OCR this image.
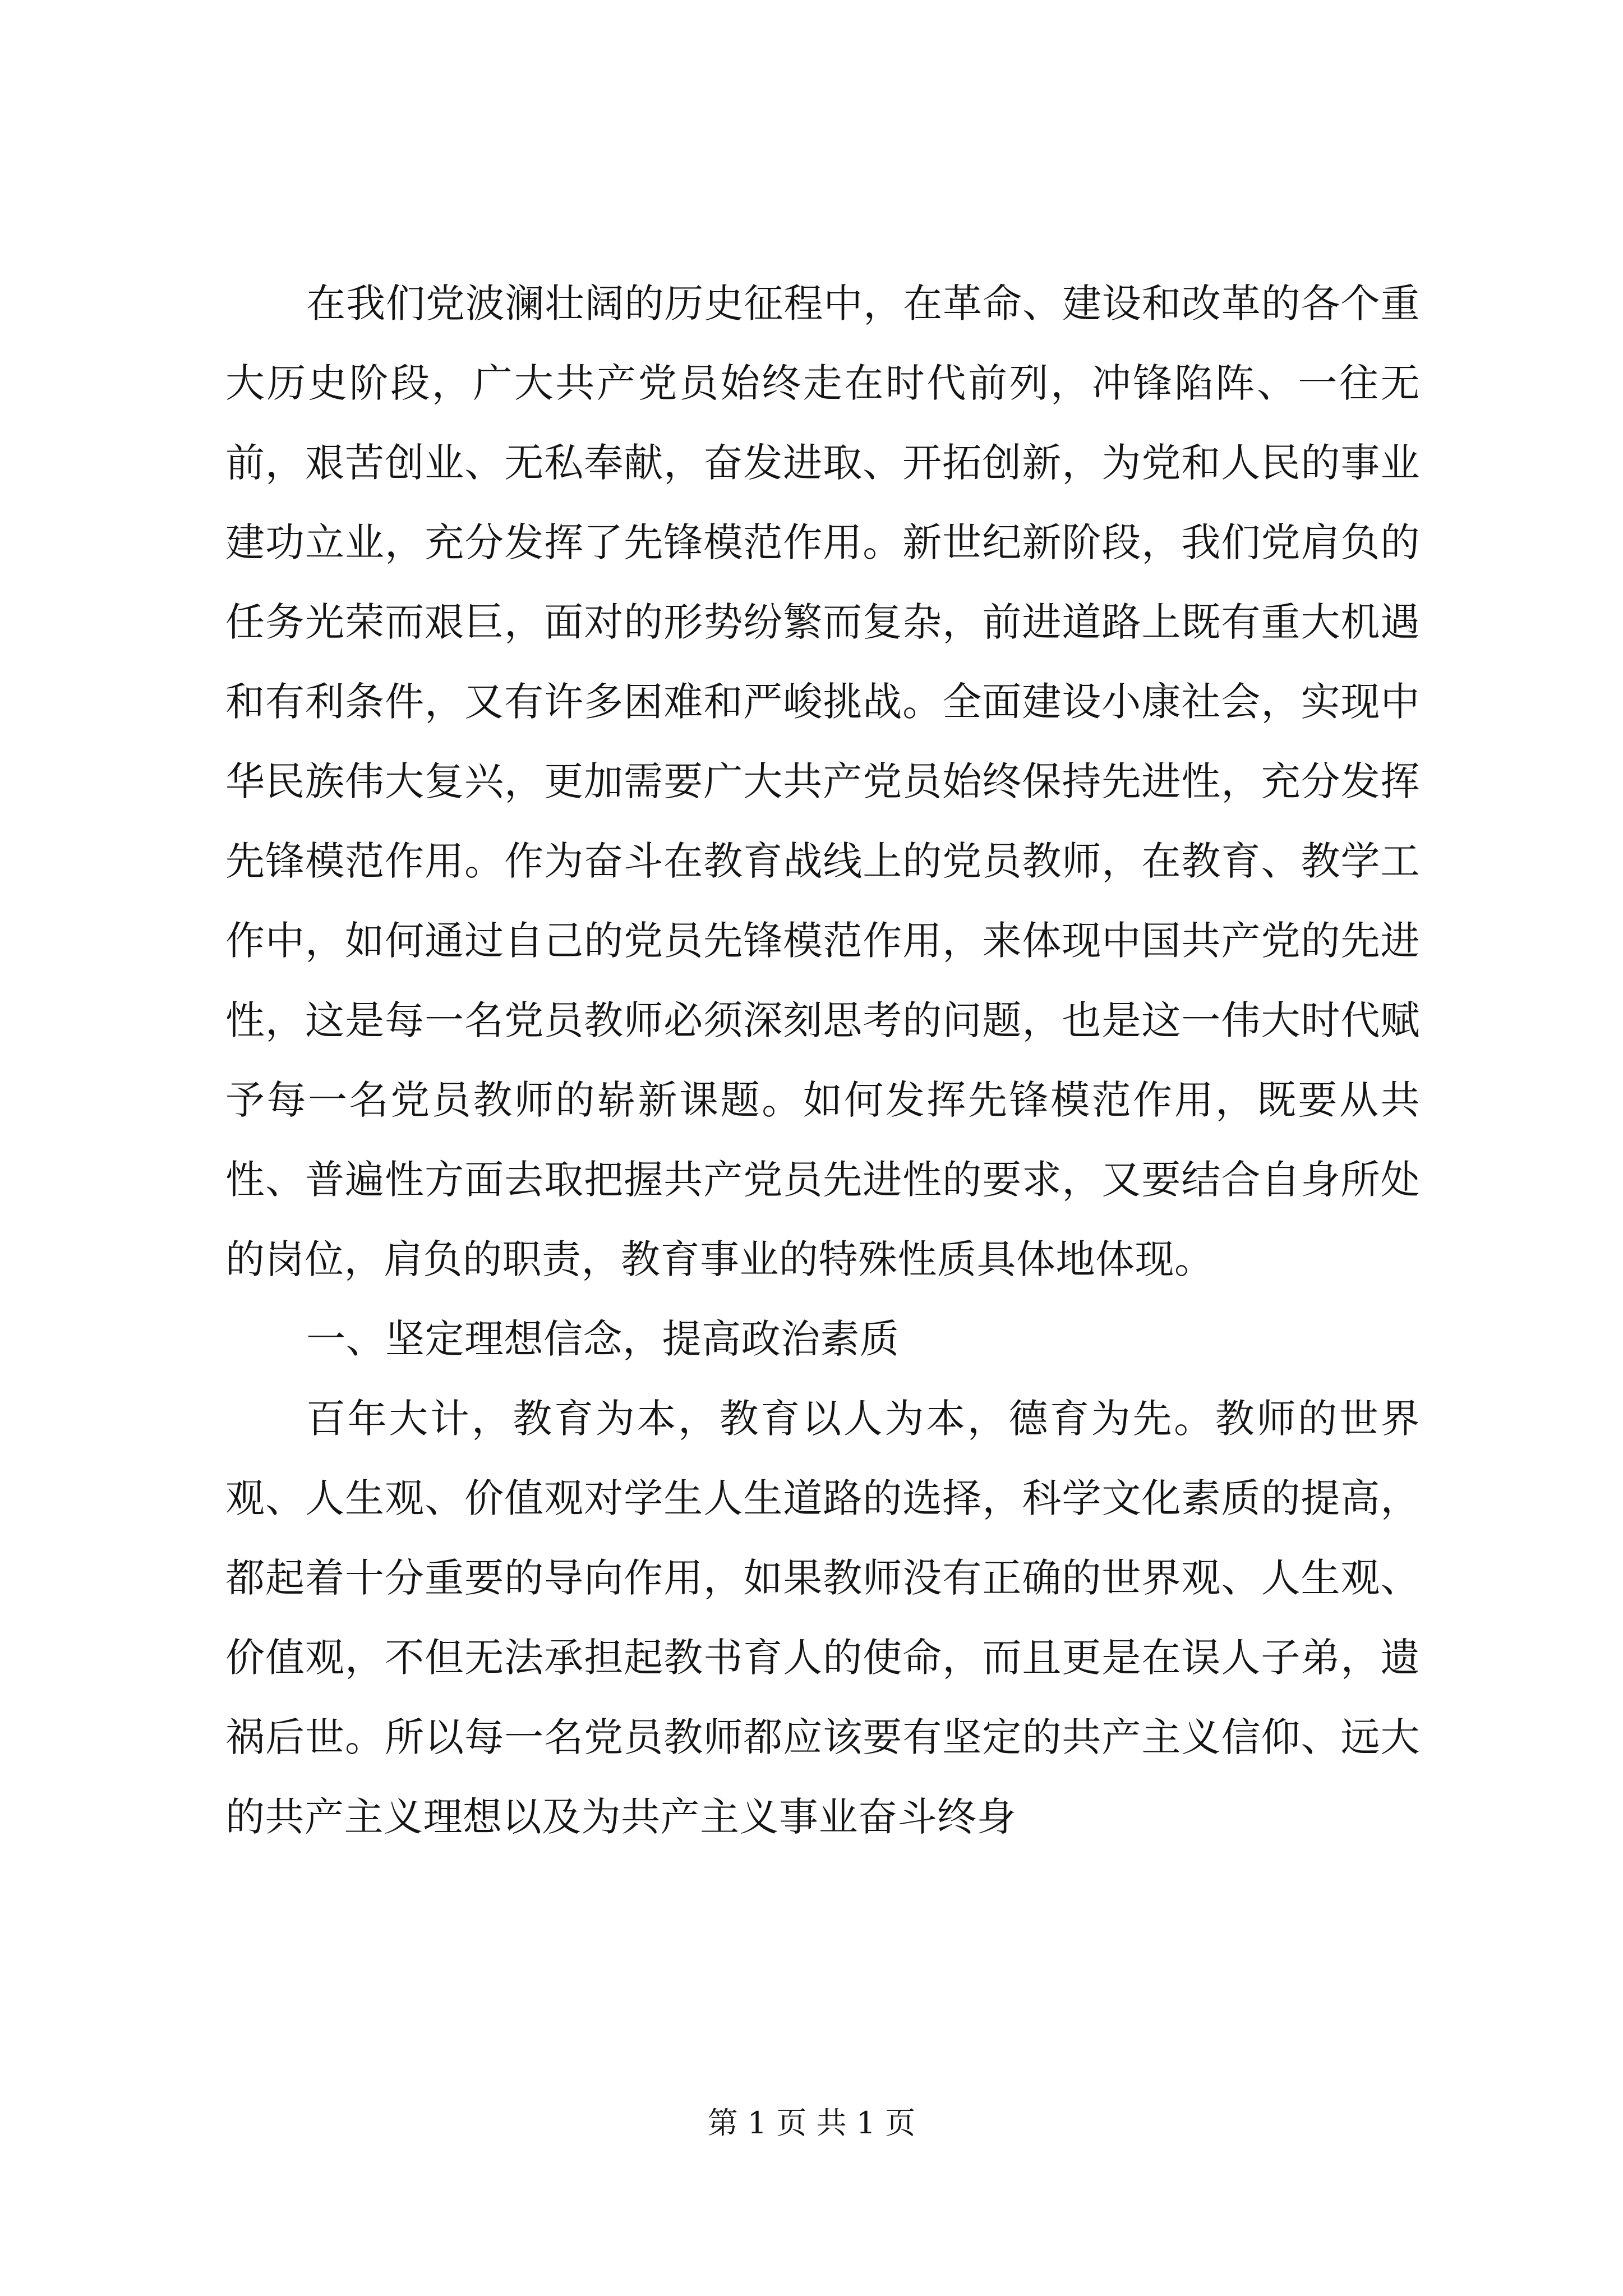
在我们党波澜壮阔的历史征程中，在革命、建设和改革的各个重大历史阶段，广大共产党员始终走在时代前列，冲锋陷阵、一往无前，艰苦创业、无私奉献，奋发进取、开拓创新，为党和人民的事业建功立业，充分发挥了先锋模范作用。新世纪新阶段，我们党肩负的任务光荣而艰巨，面对的形势纷繁而复杂，前进道路上既有重大机遇和有利条件，又有许多困难和严峻挑战。全面建设小康社会，实现中华民族伟大复兴，更加需要广大共产党员始终保持先进性，充分发挥先锋模范作用。作为奋斗在教育战线上的党员教师，在教育、教学工作中，如何通过自己的党员先锋模范作用，来体现中国共产党的先进性，这是每一名党员教师必须深刻思考的问题，也是这一伟大时代赋予每一名党员教师的崭新课题。如何发挥先锋模范作用，既要从共性、普遍性方面去取把握共产党员先进性的要求，又要结合自身所处的岗位，肩负的职责，教育事业的特殊性质具体地体现。

一、坚定理想信念，提高政治素质

百年大计，教育为本，教育以人为本，德育为先。教师的世界观、人生观、价值观对学生人生道路的选择，科学文化素质的提高，都起着十分重要的导向作用，如果教师没有正确的世界观、人生观、价值观，不但无法承担起教书育人的使命，而且更是在误人子弟，遗祸后世。所以每一名党员教师都应该要有坚定的共产主义信仰、远大的共产主义理想以及为共产主义事业奋斗终身

第 1 页 共 1 页
